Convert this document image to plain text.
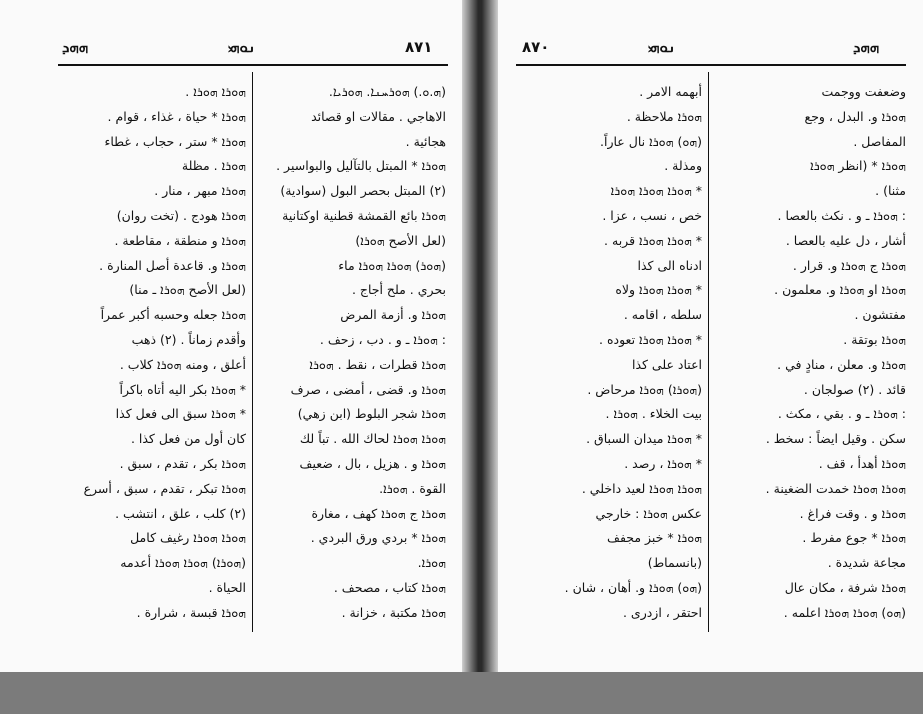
ܗܗܕ	ܢܘܗܝ	٨٧١
(ܗ.ܘ.) ܗܘܪܚܢܐ. ܗܘܪܝܐ.
الاهاجي . مقالات او قصائد
هجائية .
ܗܘܪܐ * المبتل بالتآليل والبواسير .
(٢) المبتل بحصر البول (سوادية)
ܗܘܪܐ بائع القمشة قطنية اوكتانية
(لعل الأصح ܗܘܪܐ)
(ܗܘܪ) ܗܘܪܐ ܗܘܪܐ ماء
بحري . ملح أجاج .
ܗܘܪܐ و. أزمة المرض
: ܗܘܪܐ ـ و . دب ، زحف .
ܗܘܪܐ قطرات ، نقط . ܗܘܪܐ
ܗܘܪܐ و. قضى ، أمضى ، صرف
ܗܘܪܐ شجر البلوط (ابن زهي)
ܗܘܪܐ ܗܘܪܐ لحاك الله . تباً لك
ܗܘܪܐ و . هزيل ، بال ، ضعيف
القوة . ܗܘܪܐ.
ܗܘܪܐ ج ܗܘܪܐ كهف ، مغارة
ܗܘܪܐ * بردي ورق البردي .
ܗܘܪܐ.
ܗܘܪܐ كتاب ، مصحف .
ܗܘܪܐ مكتبة ، خزانة .
ܗܘܪܐ ܗܘܪܐ .
ܗܘܪܐ * حياة ، غذاء ، قوام .
ܗܘܪܐ * ستر ، حجاب ، غطاء
ܗܘܪܐ . مظلة
ܗܘܪܐ مبهر ، منار .
ܗܘܪܐ هودج . (تخت روان)
ܗܘܪܐ و منطقة ، مقاطعة .
ܗܘܪܐ و. قاعدة أصل المنارة .
(لعل الأصح ܗܘܪܐ ـ منا)
ܗܘܪܐ جعله وحسبه أكبر عمراً
وأقدم زماناً . (٢) ذهب
أعلق ، ومنه ܗܘܪܐ كلاب .
* ܗܘܪܐ بكر اليه أتاه باكراً
* ܗܘܪܐ سبق الى فعل كذا
كان أول من فعل كذا .
ܗܘܪܐ بكر ، تقدم ، سبق .
ܗܘܪܐ تبكر ، تقدم ، سبق ، أسرع
(٢) كلب ، علق ، انتشب .
ܗܘܪܐ ܗܘܪܐ رغيف كامل
(ܗܘܪܐ) ܗܘܪܐ ܗܘܪܐ أعدمه
الحياة .
ܗܘܪܐ قبسة ، شرارة .
٨٧٠	ܢܘܗܝ	ܗܗܕ
أبهمه الامر .
ܗܘܪܐ ملاحظة .
(ܗܘ) ܗܘܪܐ نال عاراً.
ومذلة .
* ܗܘܪܐ ܗܘܪܐ ܗܘܪܐ
خص ، نسب ، عزا .
* ܗܘܪܐ ܗܘܪܐ قربه .
ادناه الى كذا
* ܗܘܪܐ ܗܘܪܐ ولاه
سلطه ، اقامه .
* ܗܘܪܐ ܗܘܪܐ تعوده .
اعتاد على كذا
(ܗܘܪܐ) ܗܘܪܐ مرحاض .
بيت الخلاء . ܗܘܪܐ .
* ܗܘܪܐ ميدان السباق .
* ܗܘܪܐ ، رصد .
ܗܘܪܐ ܗܘܪܐ لعيد داخلي .
عكس ܗܘܪܐ : خارجي
ܗܘܪܐ * خبز مجفف
(بانسماط)
(ܗܘ) ܗܘܪܐ و. أهان ، شان .
احتقر ، ازدرى .
وضعفت ووجمت
ܗܘܪܐ و. البدل ، وجع
المفاصل .
ܗܘܪܐ * (انظر ܗܘܪܐ
مثنا) .
: ܗܘܪܐ ـ و . نكث بالعصا .
أشار ، دل عليه بالعصا .
ܗܘܪܐ ج ܗܘܪܐ و. قرار .
ܗܘܪܐ او ܗܘܪܐ و. معلمون .
مفتشون .
ܗܘܪܐ بوتقة .
ܗܘܪܐ و. معلن ، منادٍ في .
قائد . (٢) صولجان .
: ܗܘܪܐ ـ و . بقي ، مكث .
سكن . وقيل ايضاً : سخط .
ܗܘܪܐ أهدأ ، قف .
ܗܘܪܐ ܗܘܪܐ خمدت الضغينة .
ܗܘܪܐ و . وقت فراغ .
ܗܘܪܐ * جوع مفرط .
مجاعة شديدة .
ܗܘܪܐ شرفة ، مكان عال
(ܗܘ) ܗܘܪܐ ܗܘܪܐ اعلمه .
